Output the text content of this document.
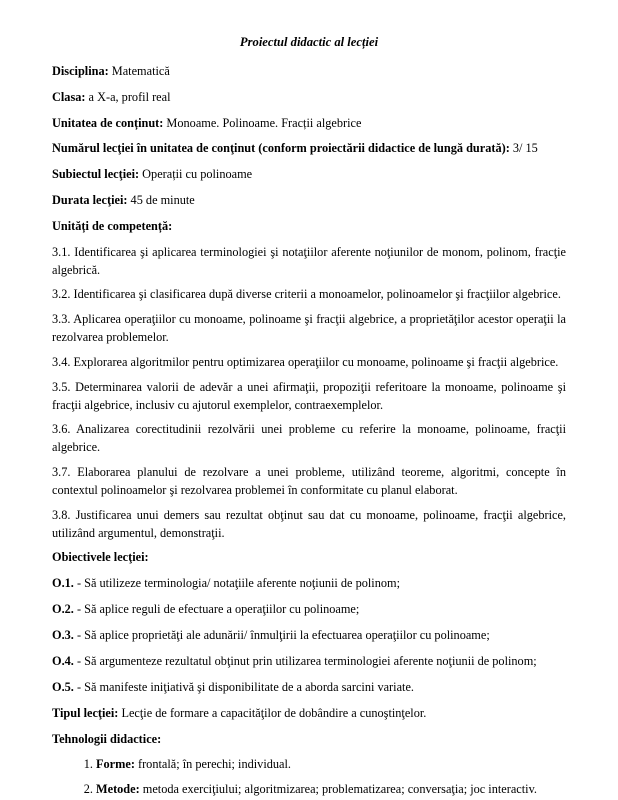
Proiectul didactic al lecției
Disciplina: Matematică
Clasa: a X-a, profil real
Unitatea de conținut: Monoame. Polinoame. Fracții algebrice
Numărul lecţiei în unitatea de conţinut (conform proiectării didactice de lungă durată): 3/ 15
Subiectul lecţiei: Operații cu polinoame
Durata lecţiei: 45 de minute
Unități de competență:
3.1. Identificarea şi aplicarea terminologiei şi notaţiilor aferente noţiunilor de monom, polinom, fracţie algebrică.
3.2. Identificarea şi clasificarea după diverse criterii a monoamelor, polinoamelor şi fracţiilor algebrice.
3.3. Aplicarea operaţiilor cu monoame, polinoame şi fracţii algebrice, a proprietăţilor acestor operaţii la rezolvarea problemelor.
3.4. Explorarea algoritmilor pentru optimizarea operaţiilor cu monoame, polinoame şi fracţii algebrice.
3.5. Determinarea valorii de adevăr a unei afirmaţii, propoziţii referitoare la monoame, polinoame şi fracţii algebrice, inclusiv cu ajutorul exemplelor, contraexemplelor.
3.6. Analizarea corectitudinii rezolvării unei probleme cu referire la monoame, polinoame, fracţii algebrice.
3.7. Elaborarea planului de rezolvare a unei probleme, utilizând teoreme, algoritmi, concepte în contextul polinoamelor şi rezolvarea problemei în conformitate cu planul elaborat.
3.8. Justificarea unui demers sau rezultat obţinut sau dat cu monoame, polinoame, fracţii algebrice, utilizând argumentul, demonstraţii.
Obiectivele lecţiei:
O.1. - Să utilizeze terminologia/ notaţiile aferente noţiunii de polinom;
O.2. - Să aplice reguli de efectuare a operaţiilor cu polinoame;
O.3. - Să aplice proprietăţi ale adunării/ înmulţirii la efectuarea operaţiilor cu polinoame;
O.4. - Să argumenteze rezultatul obţinut prin utilizarea terminologiei aferente noţiunii de polinom;
O.5. - Să manifeste iniţiativă şi disponibilitate de a aborda sarcini variate.
Tipul lecţiei: Lecţie de formare a capacităţilor de dobândire a cunoştinţelor.
Tehnologii didactice:
1. Forme: frontală; în perechi; individual.
2. Metode: metoda exerciţiului; algoritmizarea; problematizarea; conversaţia; joc interactiv.
